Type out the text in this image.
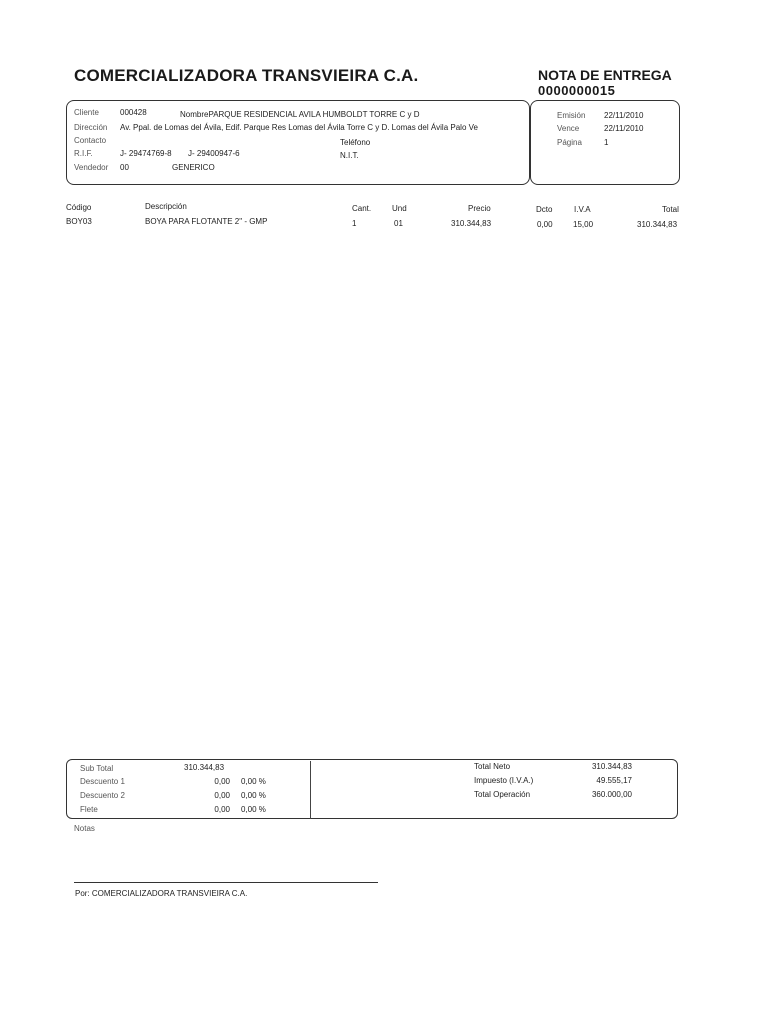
COMERCIALIZADORA TRANSVIEIRA C.A.	NOTA DE ENTREGA
0000000015
Cliente	000428	NombrePARQUE RESIDENCIAL AVILA HUMBOLDT TORRE C y D
Dirección Av. Ppal. de Lomas del Ávila, Edif. Parque Res Lomas del Ávila Torre C y D. Lomas del Ávila Palo Ve
Contacto	Teléfono
R.I.F.	J- 29474769-8 J- 29400947-6	N.I.T.
Vendedor 00	GENERICO
Emisión 22/11/2010
Vence	22/11/2010
Página	1
Código	Descripción	Cant.	Und	Precio	Dcto	I.V.A	Total
BOY03	BOYA PARA FLOTANTE 2" - GMP	1	01	310.344,83	0,00	15,00	310.344,83
Sub Total	310.344,83
Descuento 1	0,00 0,00 %
Descuento 2	0,00 0,00 %
Flete	0,00 0,00 %
Total Neto	310.344,83
Impuesto (I.V.A.)	49.555,17
Total Operación	360.000,00
Notas
Por: COMERCIALIZADORA TRANSVIEIRA C.A.
